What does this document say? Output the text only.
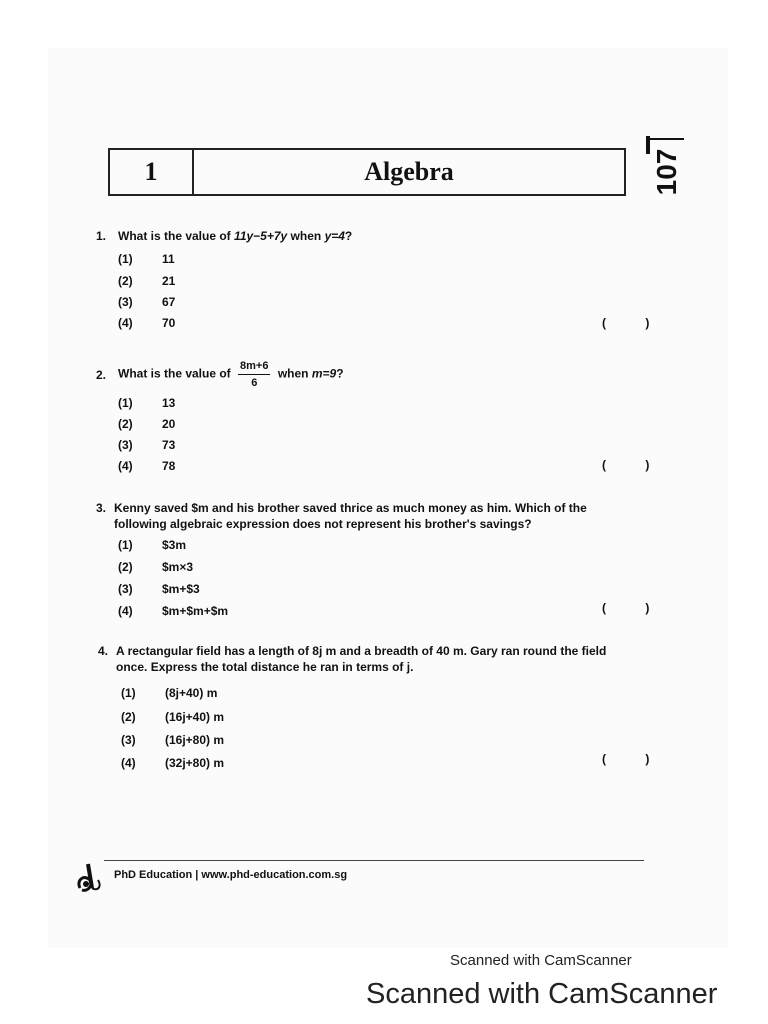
107
1	Algebra
1. What is the value of 11y−5+7y when y=4?
(1) 11
(2) 21
(3) 67
(4) 70	( )
2. What is the value of $\frac{8m+6}{6}$ when m=9?
(1) 13
(2) 20
(3) 73
(4) 78	( )
3. Kenny saved $m and his brother saved thrice as much money as him. Which of the following algebraic expression does not represent his brother's savings?
(1) $3m
(2) $m×3
(3) $m+$3
(4) $m+$m+$m	( )
4. A rectangular field has a length of 8j m and a breadth of 40 m. Gary ran round the field once. Express the total distance he ran in terms of j.
(1) (8j+40) m
(2) (16j+40) m
(3) (16j+80) m
(4) (32j+80) m	( )
PhD Education | www.phd-education.com.sg
Scanned with CamScanner
Scanned with CamScanner
